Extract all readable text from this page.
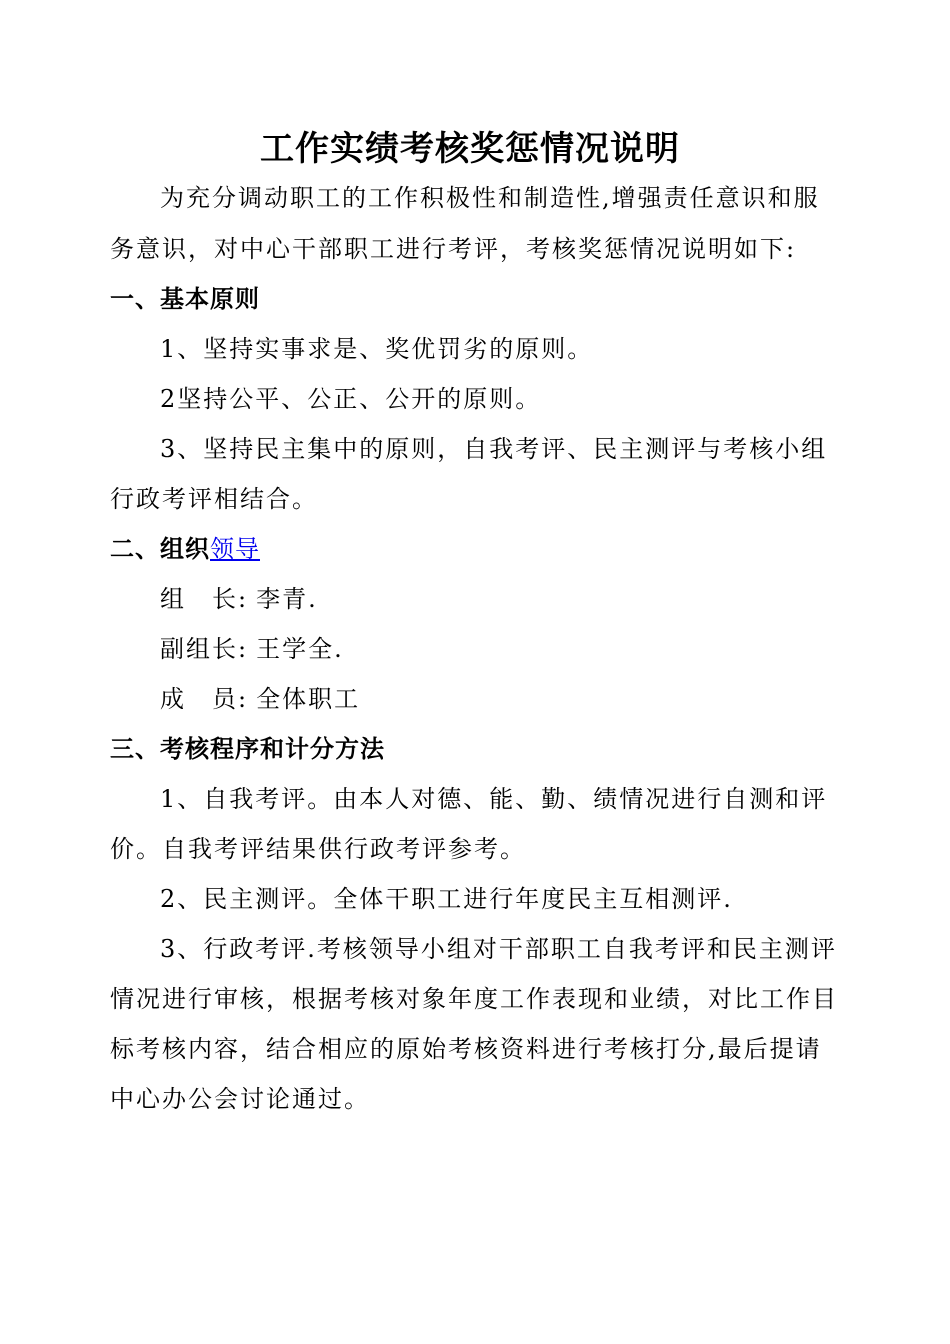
工作实绩考核奖惩情况说明
为充分调动职工的工作积极性和制造性,增强责任意识和服
务意识，对中心干部职工进行考评，考核奖惩情况说明如下:
一、基本原则
1、坚持实事求是、奖优罚劣的原则。
2坚持公平、公正、公开的原则。
3、坚持民主集中的原则，自我考评、民主测评与考核小组
行政考评相结合。
二、组织领导
组 长: 李青.
副组长: 王学全.
成 员: 全体职工
三、考核程序和计分方法
1、自我考评。由本人对德、能、勤、绩情况进行自测和评
价。自我考评结果供行政考评参考。
2、民主测评。全体干职工进行年度民主互相测评.
3、行政考评.考核领导小组对干部职工自我考评和民主测评
情况进行审核，根据考核对象年度工作表现和业绩，对比工作目
标考核内容，结合相应的原始考核资料进行考核打分,最后提请
中心办公会讨论通过。
